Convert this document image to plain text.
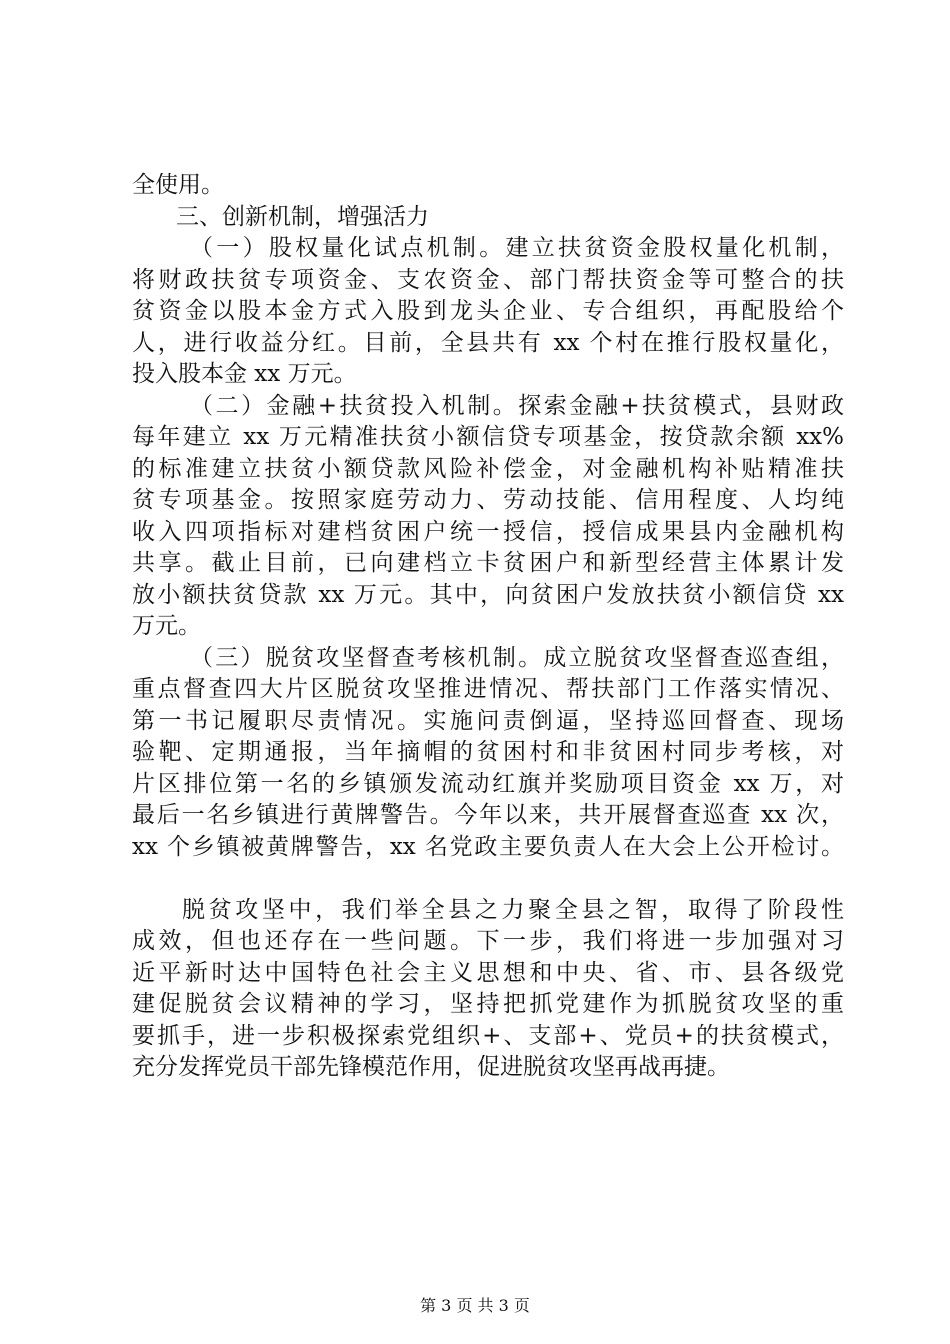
全使用。
三、创新机制，增强活力
（一）股权量化试点机制。建立扶贫资金股权量化机制，
将财政扶贫专项资金、支农资金、部门帮扶资金等可整合的扶
贫资金以股本金方式入股到龙头企业、专合组织，再配股给个
人，进行收益分红。目前，全县共有 xx 个村在推行股权量化，
投入股本金 xx 万元。
（二）金融+扶贫投入机制。探索金融+扶贫模式，县财政
每年建立 xx 万元精准扶贫小额信贷专项基金，按贷款余额 xx%
的标准建立扶贫小额贷款风险补偿金，对金融机构补贴精准扶
贫专项基金。按照家庭劳动力、劳动技能、信用程度、人均纯
收入四项指标对建档贫困户统一授信，授信成果县内金融机构
共享。截止目前，已向建档立卡贫困户和新型经营主体累计发
放小额扶贫贷款 xx 万元。其中，向贫困户发放扶贫小额信贷 xx
万元。
（三）脱贫攻坚督查考核机制。成立脱贫攻坚督查巡查组，
重点督查四大片区脱贫攻坚推进情况、帮扶部门工作落实情况、
第一书记履职尽责情况。实施问责倒逼，坚持巡回督查、现场
验靶、定期通报，当年摘帽的贫困村和非贫困村同步考核，对
片区排位第一名的乡镇颁发流动红旗并奖励项目资金 xx 万，对
最后一名乡镇进行黄牌警告。今年以来，共开展督查巡查 xx 次，
xx 个乡镇被黄牌警告，xx 名党政主要负责人在大会上公开检讨。
脱贫攻坚中，我们举全县之力聚全县之智，取得了阶段性
成效，但也还存在一些问题。下一步，我们将进一步加强对习
近平新时达中国特色社会主义思想和中央、省、市、县各级党
建促脱贫会议精神的学习，坚持把抓党建作为抓脱贫攻坚的重
要抓手，进一步积极探索党组织+、支部+、党员+的扶贫模式，
充分发挥党员干部先锋模范作用，促进脱贫攻坚再战再捷。
第 3 页 共 3 页
